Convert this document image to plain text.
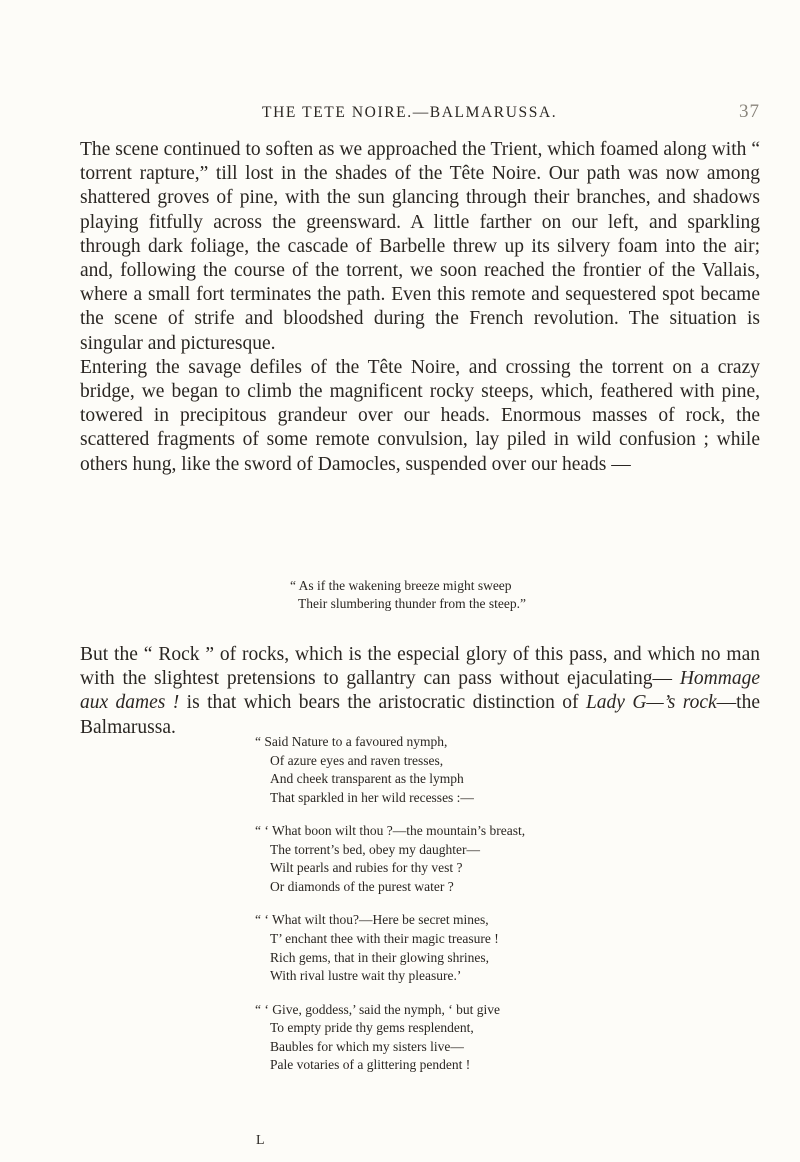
THE TETE NOIRE.—BALMARUSSA.	37

The scene continued to soften as we approached the Trient, which foamed along with “ torrent rapture,” till lost in the shades of the Tête Noire. Our path was now among shattered groves of pine, with the sun glancing through their branches, and shadows playing fitfully across the greensward. A little farther on our left, and sparkling through dark foliage, the cascade of Barbelle threw up its silvery foam into the air; and, following the course of the torrent, we soon reached the frontier of the Vallais, where a small fort terminates the path. Even this remote and sequestered spot became the scene of strife and bloodshed during the French revolution. The situation is singular and picturesque.

Entering the savage defiles of the Tête Noire, and crossing the torrent on a crazy bridge, we began to climb the magnificent rocky steeps, which, feathered with pine, towered in precipitous grandeur over our heads. Enormous masses of rock, the scattered fragments of some remote convulsion, lay piled in wild confusion ; while others hung, like the sword of Damocles, suspended over our heads —

“ As if the wakening breeze might sweep
Their slumbering thunder from the steep.”

But the “ Rock ” of rocks, which is the especial glory of this pass, and which no man with the slightest pretensions to gallantry can pass without ejaculating— Hommage aux dames ! is that which bears the aristocratic distinction of Lady G—’s rock—the Balmarussa.

“ Said Nature to a favoured nymph,
Of azure eyes and raven tresses,
And cheek transparent as the lymph
That sparkled in her wild recesses :—
“ ‘ What boon wilt thou ?—the mountain’s breast,
The torrent’s bed, obey my daughter—
Wilt pearls and rubies for thy vest ?
Or diamonds of the purest water ?
“ ‘ What wilt thou?—Here be secret mines,
T’ enchant thee with their magic treasure !
Rich gems, that in their glowing shrines,
With rival lustre wait thy pleasure.’
“ ‘ Give, goddess,’ said the nymph, ‘ but give
To empty pride thy gems resplendent,
Baubles for which my sisters live—
Pale votaries of a glittering pendent !
L
